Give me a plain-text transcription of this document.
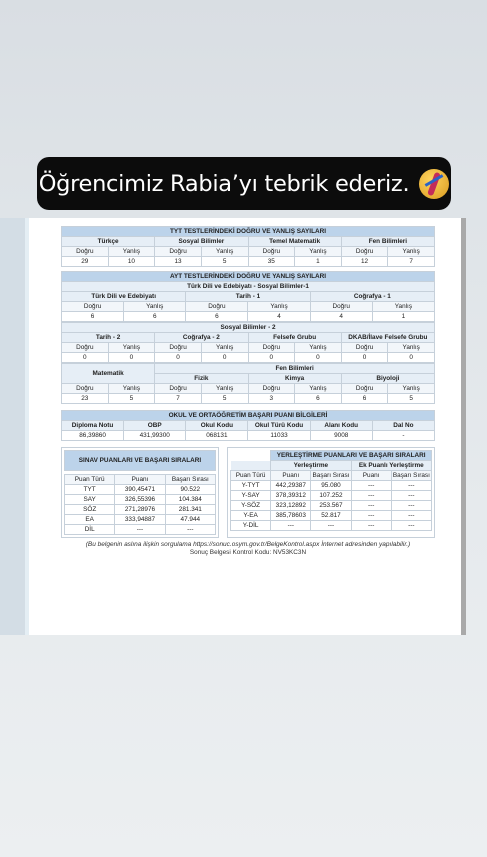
Öğrencimiz Rabia’yı tebrik ederiz.
TYT TESTLERİNDEKİ DOĞRU VE YANLIŞ SAYILARI							
Türkçe		Sosyal Bilimler		Temel Matematik		Fen Bilimleri	
Doğru	Yanlış	Doğru	Yanlış	Doğru	Yanlış	Doğru	Yanlış
29	10	13	5	35	1	12	7
AYT TESTLERİNDEKİ DOĞRU VE YANLIŞ SAYILARI					
Türk Dili ve Edebiyatı - Sosyal Bilimler-1					
Türk Dili ve Edebiyatı		Tarih - 1		Coğrafya - 1	
Doğru	Yanlış	Doğru	Yanlış	Doğru	Yanlış
6	6	6	4	4	1
Sosyal Bilimler - 2							
Tarih - 2		Coğrafya - 2		Felsefe Grubu		DKAB/İlave Felsefe Grubu	
Doğru	Yanlış	Doğru	Yanlış	Doğru	Yanlış	Doğru	Yanlış
0	0	0	0	0	0	0	0
Matematik		Fen Bilimleri					
		Fizik		Kimya		Biyoloji	
Doğru	Yanlış	Doğru	Yanlış	Doğru	Yanlış	Doğru	Yanlış
23	5	7	5	3	6	6	5
OKUL VE ORTAÖĞRETİM BAŞARI PUANI BİLGİLERİ					
Diploma Notu	OBP	Okul Kodu	Okul Türü Kodu	Alanı Kodu	Dal No
86,39860	431,99300	068131	11033	9008	-
SINAV PUANLARI VE BAŞARI SIRALARI		

Puan Türü	Puanı	Başarı Sırası
TYT	390,45471	90.522
SAY	326,55396	104.384
SÖZ	271,28976	281.341
EA	333,94887	47.944
DİL	---	---
	YERLEŞTİRME PUANLARI VE BAŞARI SIRALARI			
	Yerleştirme		Ek Puanlı Yerleştirme	
Puan Türü	Puanı	Başarı Sırası	Puanı	Başarı Sırası
Y-TYT	442,29387	95.080	---	---
Y-SAY	378,39312	107.252	---	---
Y-SÖZ	323,12892	253.567	---	---
Y-EA	385,78603	52.817	---	---
Y-DİL	---	---	---	---
(Bu belgenin aslına ilişkin sorgulama https://sonuc.osym.gov.tr/BelgeKontrol.aspx İnternet adresinden yapılabilir.)
Sonuç Belgesi Kontrol Kodu: NV53KC3N
